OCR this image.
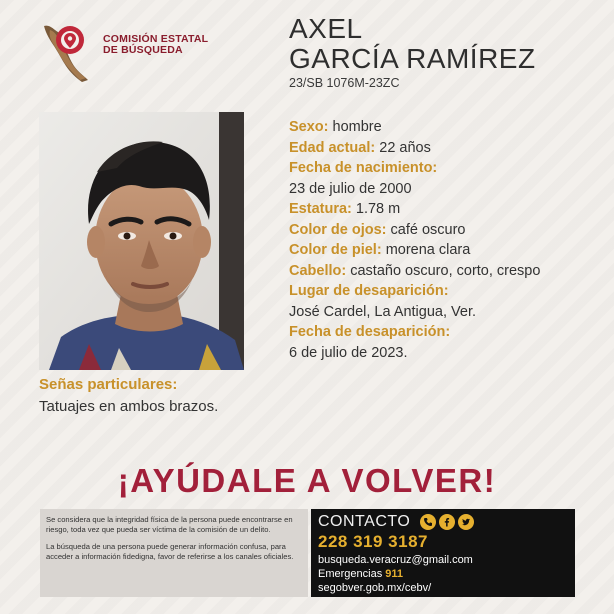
COMISIÓN ESTATAL
DE BÚSQUEDA
AXEL
GARCÍA RAMÍREZ
23/SB 1076M-23ZC
Sexo: hombre
Edad actual: 22 años
Fecha de nacimiento:
23 de julio de 2000
Estatura: 1.78 m
Color de ojos: café oscuro
Color de piel: morena clara
Cabello: castaño oscuro, corto, crespo
Lugar de desaparición:
José Cardel, La Antigua, Ver.
Fecha de desaparición:
6 de julio de 2023.
Señas particulares:
Tatuajes en ambos brazos.
¡AYÚDALE A VOLVER!

Se considera que la integridad física de la persona puede encontrarse en riesgo, toda vez que pueda ser víctima de la comisión de un delito.

La búsqueda de una persona puede generar información confusa, para acceder a información fidedigna, favor de referirse a los canales oficiales.

CONTACTO
228 319 3187
busqueda.veracruz@gmail.com
Emergencias 911
segobver.gob.mx/cebv/
